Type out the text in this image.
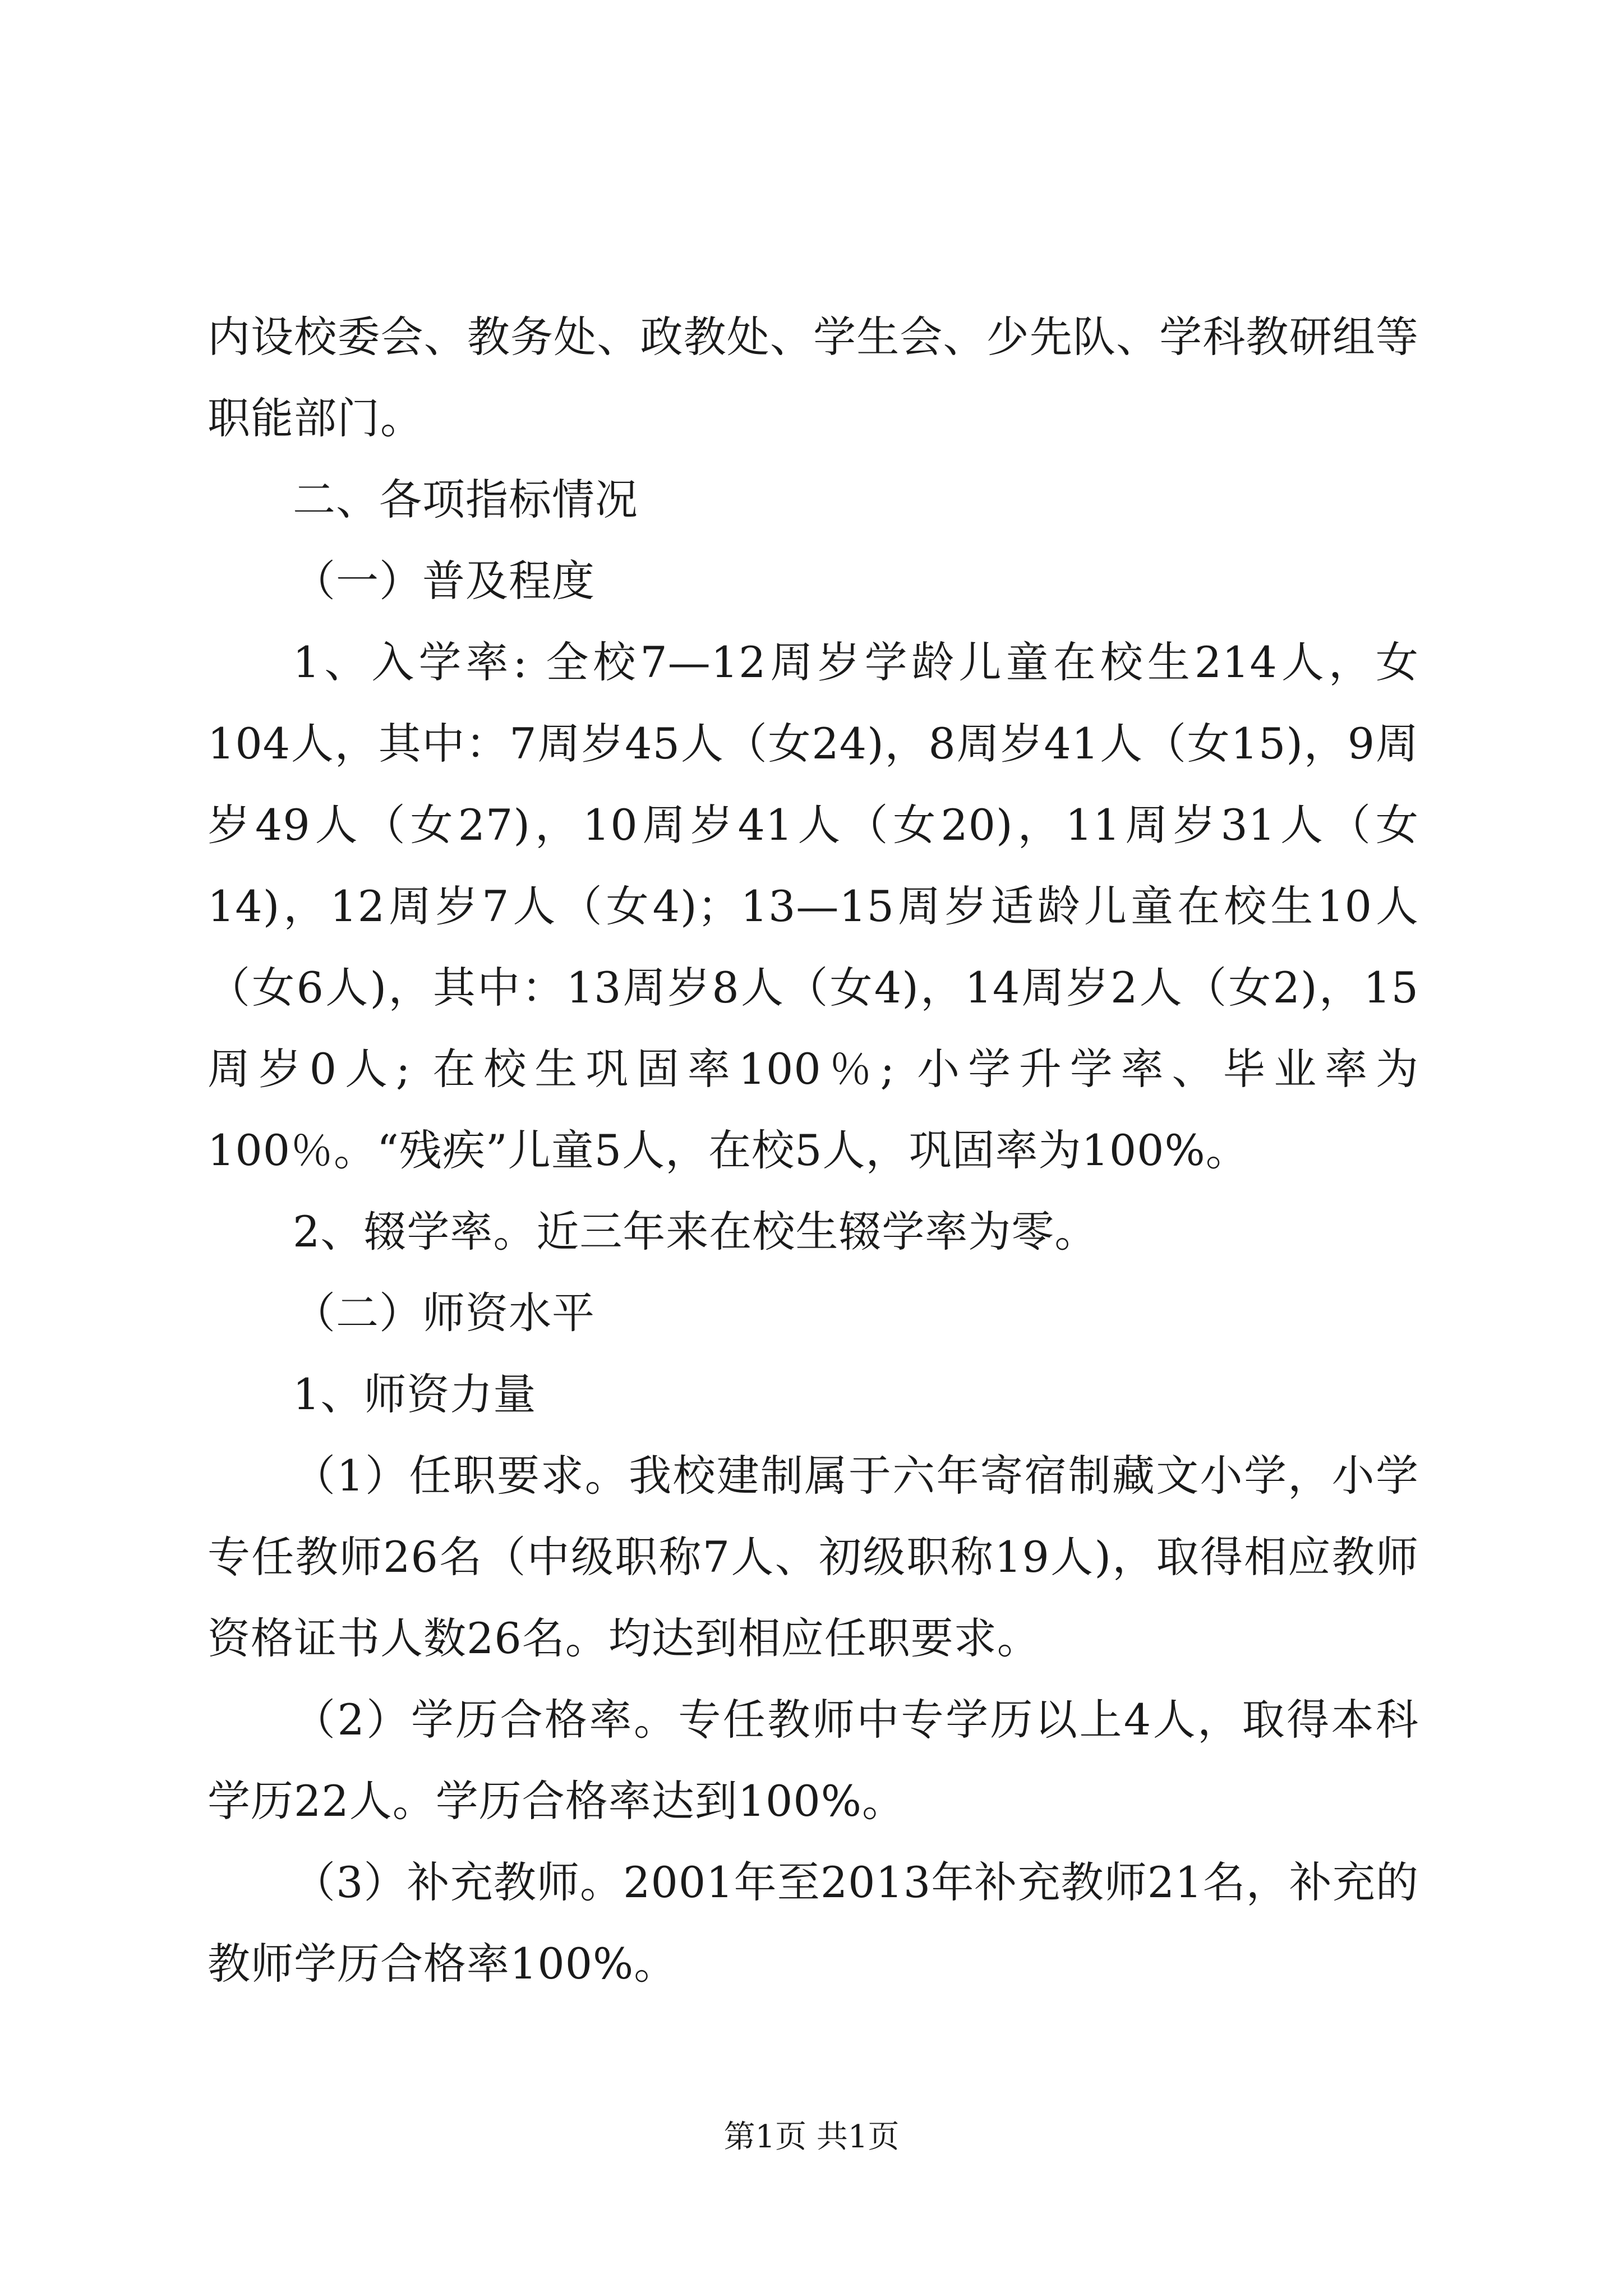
内设校委会、教务处、政教处、学生会、少先队、学科教研组等职能部门。

二、各项指标情况

（一）普及程度

1、入学率: 全校7—12周岁学龄儿童在校生214人，女104人，其中：7周岁45人（女24)，8周岁41人（女15)，9周岁49人（女27)，10周岁41人（女20)，11周岁31人（女14)，12周岁7人（女4)；13—15周岁适龄儿童在校生10人（女6人)，其中：13周岁8人（女4)，14周岁2人（女2)，15周岁0人; 在校生巩固率100％; 小学升学率、毕业率为100％。“残疾”儿童5人，在校5人，巩固率为100%。

2、辍学率。近三年来在校生辍学率为零。

（二）师资水平

1、师资力量

（1）任职要求。我校建制属于六年寄宿制藏文小学，小学专任教师26名（中级职称7人、初级职称19人)，取得相应教师资格证书人数26名。均达到相应任职要求。

（2）学历合格率。专任教师中专学历以上4人，取得本科学历22人。学历合格率达到100%。

（3）补充教师。2001年至2013年补充教师21名，补充的教师学历合格率100%。

第1页 共1页
